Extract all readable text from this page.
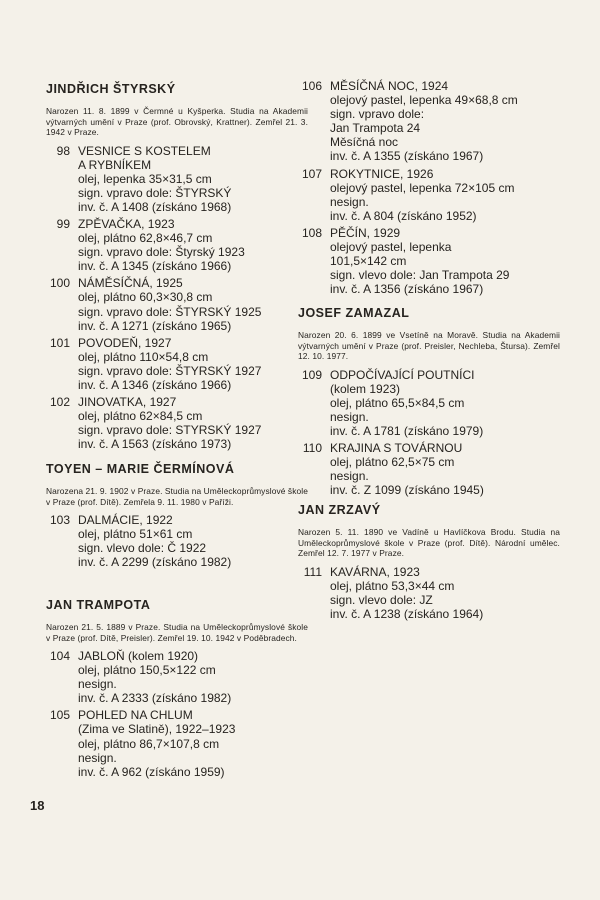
JINDŘICH ŠTYRSKÝ

Narozen 11. 8. 1899 v Čermné u Kyšperka. Studia na Akademii výtvarných umění v Praze (prof. Obrovský, Krattner). Zemřel 21. 3. 1942 v Praze.

98 VESNICE S KOSTELEM
A RYBNÍKEM
olej, lepenka 35×31,5 cm
sign. vpravo dole: ŠTYRSKÝ
inv. č. A 1408 (získáno 1968)
99 ZPĚVAČKA, 1923
olej, plátno 62,8×46,7 cm
sign. vpravo dole: Štyrský 1923
inv. č. A 1345 (získáno 1966)
100 NÁMĚSÍČNÁ, 1925
olej, plátno 60,3×30,8 cm
sign. vpravo dole: ŠTYRSKÝ 1925
inv. č. A 1271 (získáno 1965)
101 POVODEŇ, 1927
olej, plátno 110×54,8 cm
sign. vpravo dole: ŠTYRSKÝ 1927
inv. č. A 1346 (získáno 1966)
102 JINOVATKA, 1927
olej, plátno 62×84,5 cm
sign. vpravo dole: STYRSKÝ 1927
inv. č. A 1563 (získáno 1973)
TOYEN – MARIE ČERMÍNOVÁ

Narozena 21. 9. 1902 v Praze. Studia na Uměleckoprůmyslové škole v Praze (prof. Dítě). Zemřela 9. 11. 1980 v Paříži.

103 DALMÁCIE, 1922
olej, plátno 51×61 cm
sign. vlevo dole: Č 1922
inv. č. A 2299 (získáno 1982)
JAN TRAMPOTA

Narozen 21. 5. 1889 v Praze. Studia na Uměleckoprůmyslové škole v Praze (prof. Dítě, Preisler). Zemřel 19. 10. 1942 v Poděbradech.

104 JABLOŇ (kolem 1920)
olej, plátno 150,5×122 cm
nesign.
inv. č. A 2333 (získáno 1982)
105 POHLED NA CHLUM
(Zima ve Slatině), 1922–1923
olej, plátno 86,7×107,8 cm
nesign.
inv. č. A 962 (získáno 1959)
106 MĚSÍČNÁ NOC, 1924
olejový pastel, lepenka 49×68,8 cm
sign. vpravo dole:
Jan Trampota 24
Měsíčná noc
inv. č. A 1355 (získáno 1967)
107 ROKYTNICE, 1926
olejový pastel, lepenka 72×105 cm
nesign.
inv. č. A 804 (získáno 1952)
108 PĚČÍN, 1929
olejový pastel, lepenka
101,5×142 cm
sign. vlevo dole: Jan Trampota 29
inv. č. A 1356 (získáno 1967)
JOSEF ZAMAZAL

Narozen 20. 6. 1899 ve Vsetíně na Moravě. Studia na Akademii výtvarných umění v Praze (prof. Preisler, Nechleba, Štursa). Zemřel 12. 10. 1977.

109 ODPOČÍVAJÍCÍ POUTNÍCI
(kolem 1923)
olej, plátno 65,5×84,5 cm
nesign.
inv. č. A 1781 (získáno 1979)
110 KRAJINA S TOVÁRNOU
olej, plátno 62,5×75 cm
nesign.
inv. č. Z 1099 (získáno 1945)
JAN ZRZAVÝ

Narozen 5. 11. 1890 ve Vadíně u Havlíčkova Brodu. Studia na Uměleckoprůmyslové škole v Praze (prof. Dítě). Národní umělec. Zemřel 12. 7. 1977 v Praze.

111 KAVÁRNA, 1923
olej, plátno 53,3×44 cm
sign. vlevo dole: JZ
inv. č. A 1238 (získáno 1964)
18
